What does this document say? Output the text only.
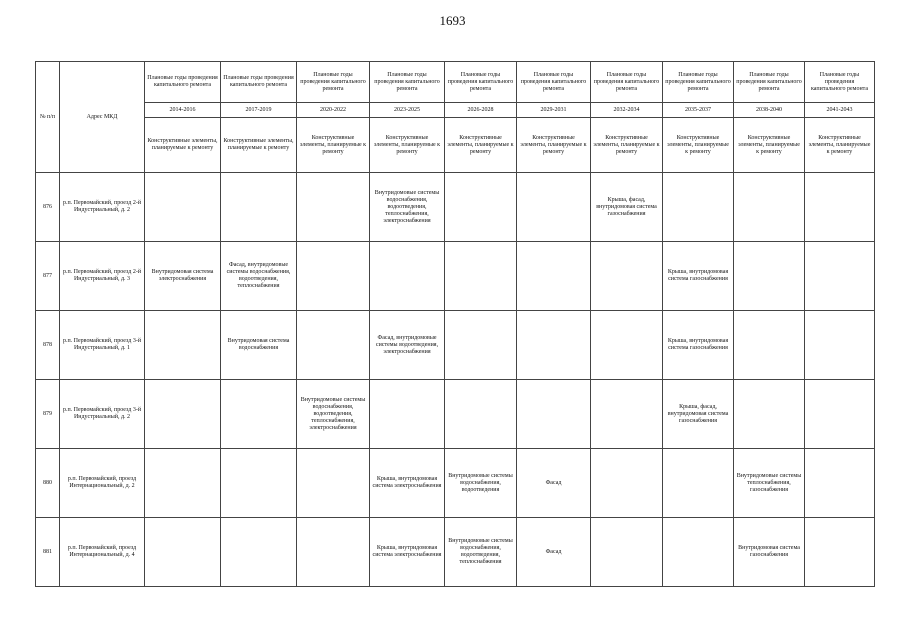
1693
№ п/п	Адрес МКД	Плановые годы проведения капитального ремонта	Плановые годы проведения капитального ремонта	Плановые годы проведения капитального ремонта	Плановые годы проведения капитального ремонта	Плановые годы проведения капитального ремонта	Плановые годы проведения капитального ремонта	Плановые годы проведения капитального ремонта	Плановые годы проведения капитального ремонта	Плановые годы проведения капитального ремонта	Плановые годы проведения капитального ремонта
		2014-2016	2017-2019	2020-2022	2023-2025	2026-2028	2029-2031	2032-2034	2035-2037	2038-2040	2041-2043
		Конструктивные элементы, планируемые к ремонту	Конструктивные элементы, планируемые к ремонту	Конструктивные элементы, планируемые к ремонту	Конструктивные элементы, планируемые к ремонту	Конструктивные элементы, планируемые к ремонту	Конструктивные элементы, планируемые к ремонту	Конструктивные элементы, планируемые к ремонту	Конструктивные элементы, планируемые к ремонту	Конструктивные элементы, планируемые к ремонту	Конструктивные элементы, планируемые к ремонту
876	р.п. Первомайский, проезд 2-й Индустриальный, д. 2				Внутридомовые системы водоснабжения, водоотведения, теплоснабжения, электроснабжения			Крыша, фасад, внутридомовая система газоснабжения			
877	р.п. Первомайский, проезд 2-й Индустриальный, д. 3	Внутридомовая система электроснабжения	Фасад, внутридомовые системы водоснабжения, водоотведения, теплоснабжения						Крыша, внутридомовая система газоснабжения		
878	р.п. Первомайский, проезд 3-й Индустриальный, д. 1		Внутридомовая система водоснабжения		Фасад, внутридомовые системы водоотведения, электроснабжения				Крыша, внутридомовая система газоснабжения		
879	р.п. Первомайский, проезд 3-й Индустриальный, д. 2			Внутридомовые системы водоснабжения, водоотведения, теплоснабжения, электроснабжения					Крыша, фасад, внутридомовая система газоснабжения		
880	р.п. Первомайский, проезд Интернациональный, д. 2				Крыша, внутридомовая система электроснабжения	Внутридомовые системы водоснабжения, водоотведения	Фасад			Внутридомовые системы теплоснабжения, газоснабжения	
881	р.п. Первомайский, проезд Интернациональный, д. 4				Крыша, внутридомовая система электроснабжения	Внутридомовые системы водоснабжения, водоотведения, теплоснабжения	Фасад			Внутридомовая система газоснабжения	
